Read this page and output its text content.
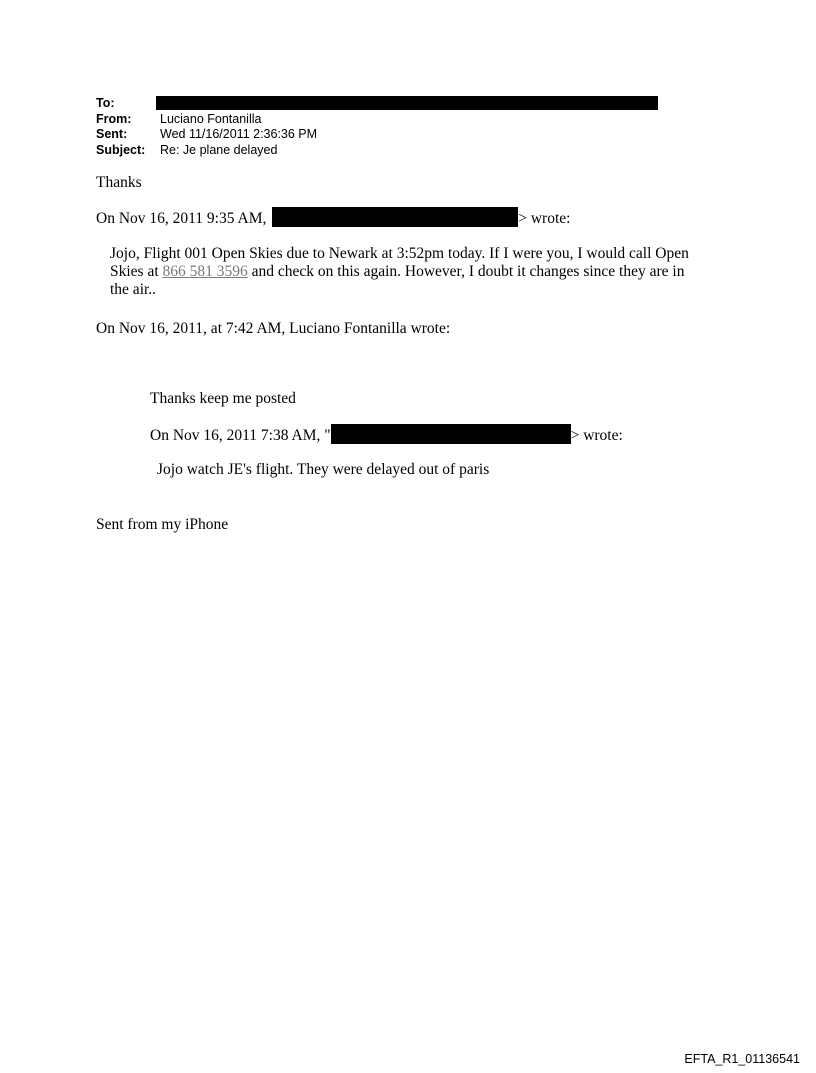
To:
From: Luciano Fontanilla
Sent:	Wed 11/16/2011 2:36:36 PM
Subject: Re: Je plane delayed
Thanks
On Nov 16, 2011 9:35 AM,	> wrote:
Jojo, Flight 001 Open Skies due to Newark at 3:52pm today. If I were you, I would call Open
Skies at 866 581 3596 and check on this again. However, I doubt it changes since they are in
the air..
On Nov 16, 2011, at 7:42 AM, Luciano Fontanilla wrote:
Thanks keep me posted
On Nov 16, 2011 7:38 AM, "	> wrote:
Jojo watch JE's flight. They were delayed out of paris
Sent from my iPhone
EFTA_R1_01136541
